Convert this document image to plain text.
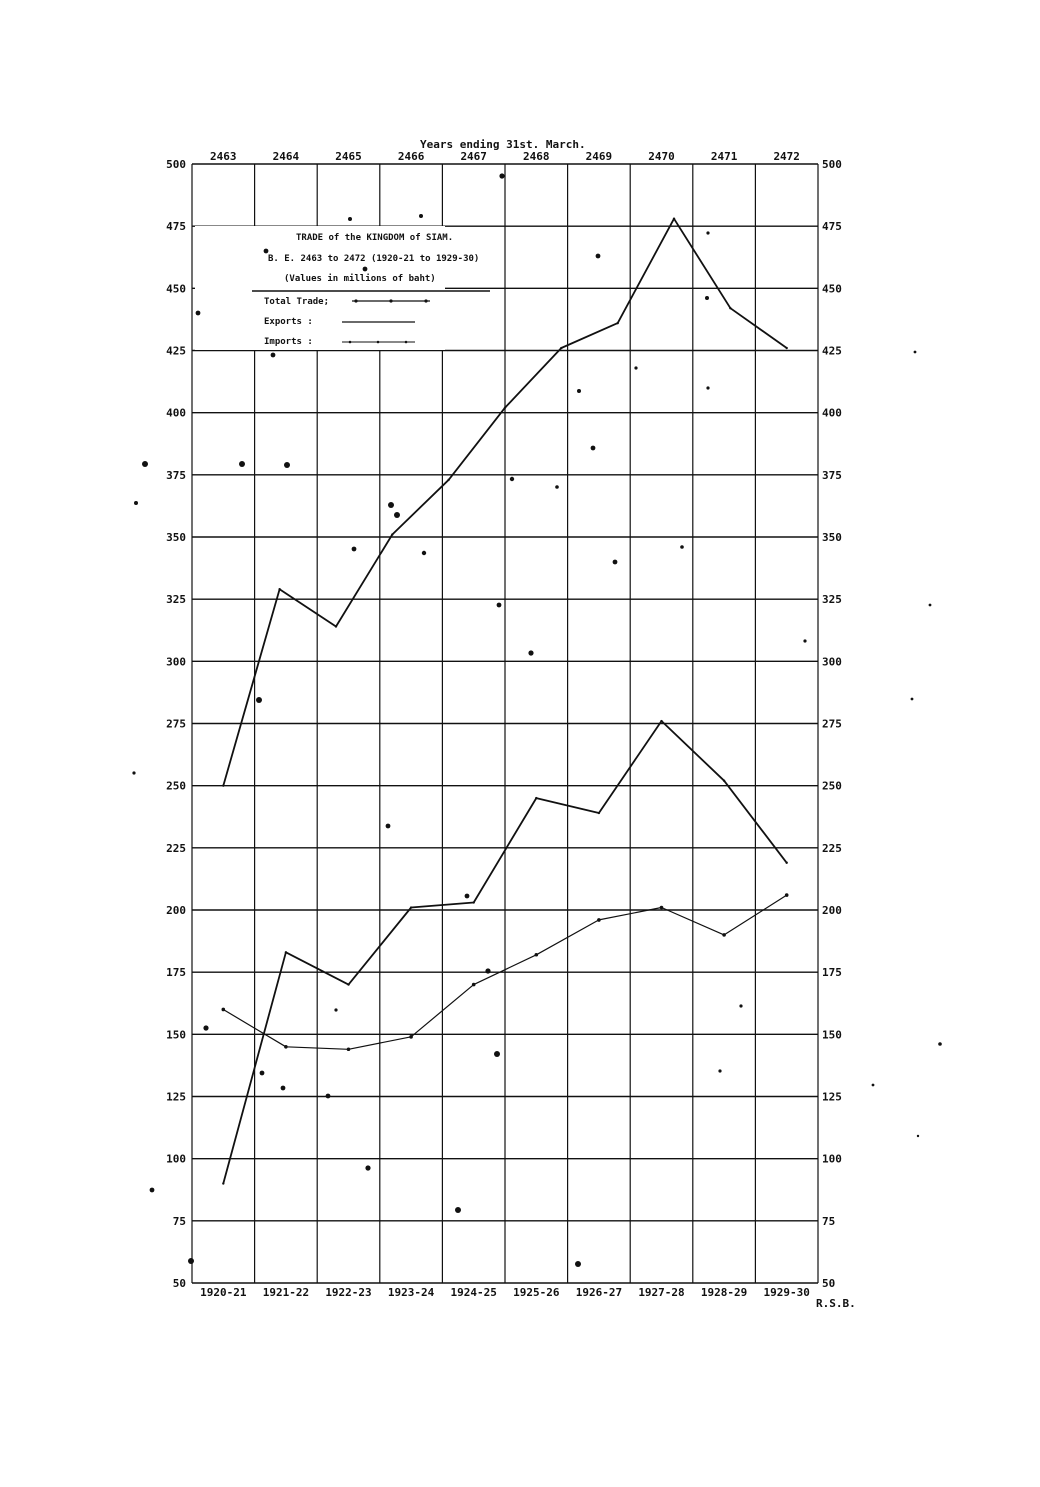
50	50
75	75
100	100
125	125
150	150
175	175
200	200
225	225
250	250
275	275
300	300
325	325
350	350
375	375
400	400
425	425
450	450
475	475
500	500
2463	2464	2465	2466	2467	2468	2469	2470	2471	2472
1920-21 1921-22 1922-23 1923-24 1924-25 1925-26 1926-27 1927-28 1928-29 1929-30
TRADE of the KINGDOM of SIAM.
B. E. 2463 to 2472 (1920-21 to 1929-30)
(Values in millions of baht)
Total Trade;
Exports :
Imports :
Years ending 31st. March.
R.S.B.
